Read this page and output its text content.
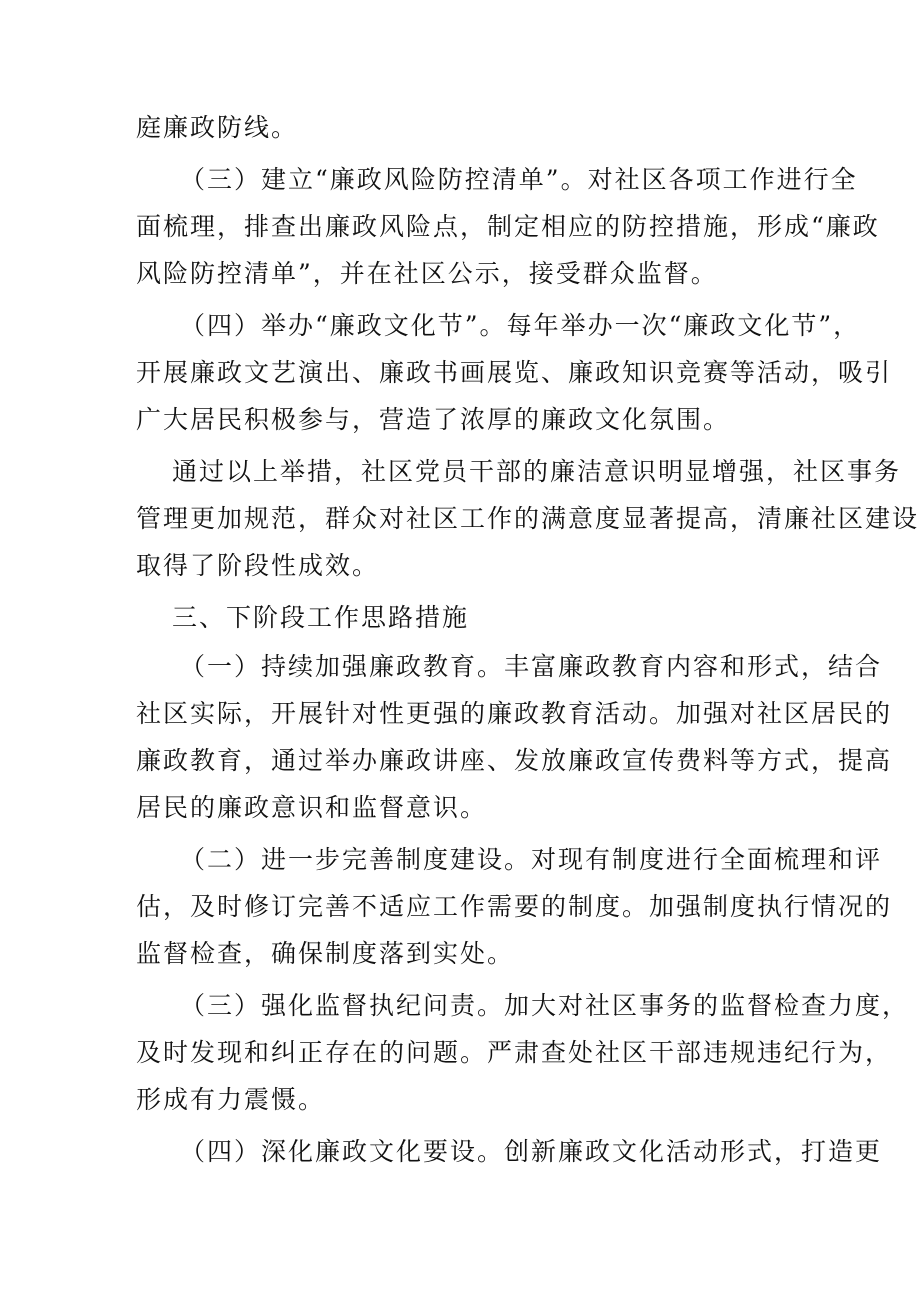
庭廉政防线。
（三）建立“廉政风险防控清单”。对社区各项工作进行全
面梳理，排查出廉政风险点，制定相应的防控措施，形成“廉政
风险防控清单”，并在社区公示，接受群众监督。
（四）举办“廉政文化节”。每年举办一次“廉政文化节”，
开展廉政文艺演出、廉政书画展览、廉政知识竞赛等活动，吸引
广大居民积极参与，营造了浓厚的廉政文化氛围。
通过以上举措，社区党员干部的廉洁意识明显增强，社区事务
管理更加规范，群众对社区工作的满意度显著提高，清廉社区建设
取得了阶段性成效。
三、下阶段工作思路措施
（一）持续加强廉政教育。丰富廉政教育内容和形式，结合
社区实际，开展针对性更强的廉政教育活动。加强对社区居民的
廉政教育，通过举办廉政讲座、发放廉政宣传费料等方式，提高
居民的廉政意识和监督意识。
（二）进一步完善制度建设。对现有制度进行全面梳理和评
估，及时修订完善不适应工作需要的制度。加强制度执行情况的
监督检查，确保制度落到实处。
（三）强化监督执纪问责。加大对社区事务的监督检查力度，
及时发现和纠正存在的问题。严肃查处社区干部违规违纪行为，
形成有力震慑。
（四）深化廉政文化要设。创新廉政文化活动形式，打造更
